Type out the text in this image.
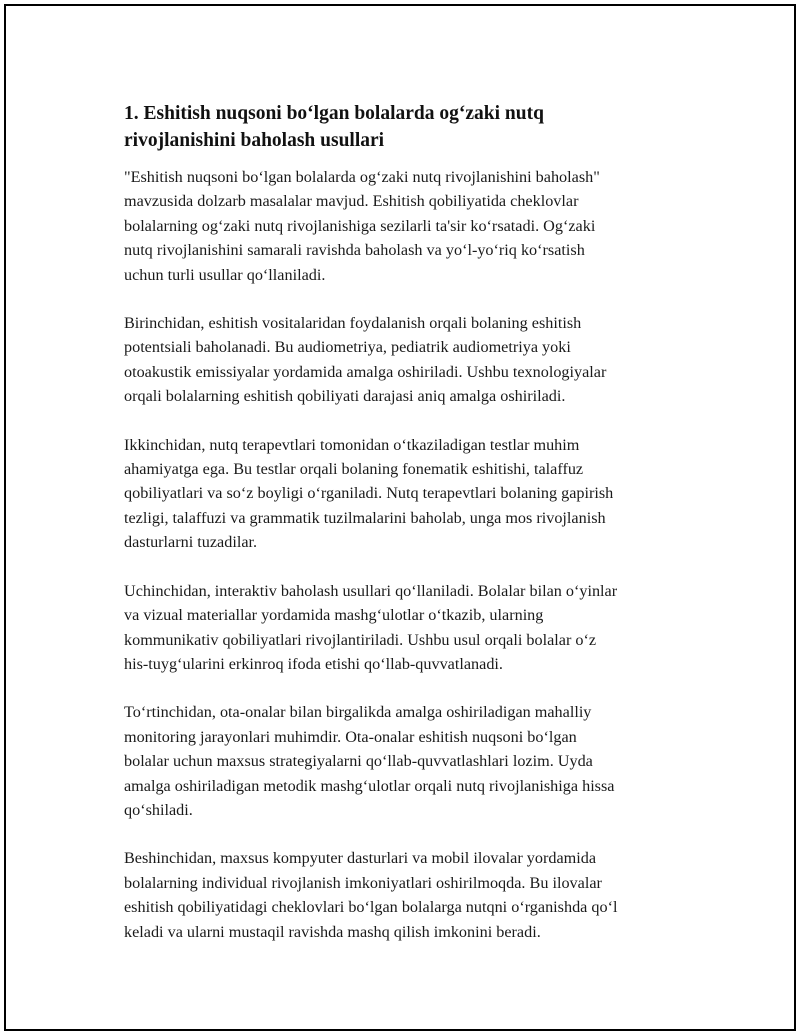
1. Eshitish nuqsoni bo‘lgan bolalarda og‘zaki nutq
rivojlanishini baholash usullari

"Eshitish nuqsoni bo‘lgan bolalarda og‘zaki nutq rivojlanishini baholash"
mavzusida dolzarb masalalar mavjud. Eshitish qobiliyatida cheklovlar
bolalarning og‘zaki nutq rivojlanishiga sezilarli ta'sir ko‘rsatadi. Og‘zaki
nutq rivojlanishini samarali ravishda baholash va yo‘l-yo‘riq ko‘rsatish
uchun turli usullar qo‘llaniladi.

Birinchidan, eshitish vositalaridan foydalanish orqali bolaning eshitish
potentsiali baholanadi. Bu audiometriya, pediatrik audiometriya yoki
otoakustik emissiyalar yordamida amalga oshiriladi. Ushbu texnologiyalar
orqali bolalarning eshitish qobiliyati darajasi aniq amalga oshiriladi.

Ikkinchidan, nutq terapevtlari tomonidan o‘tkaziladigan testlar muhim
ahamiyatga ega. Bu testlar orqali bolaning fonematik eshitishi, talaffuz
qobiliyatlari va so‘z boyligi o‘rganiladi. Nutq terapevtlari bolaning gapirish
tezligi, talaffuzi va grammatik tuzilmalarini baholab, unga mos rivojlanish
dasturlarni tuzadilar.

Uchinchidan, interaktiv baholash usullari qo‘llaniladi. Bolalar bilan o‘yinlar
va vizual materiallar yordamida mashg‘ulotlar o‘tkazib, ularning
kommunikativ qobiliyatlari rivojlantiriladi. Ushbu usul orqali bolalar o‘z
his-tuyg‘ularini erkinroq ifoda etishi qo‘llab-quvvatlanadi.

To‘rtinchidan, ota-onalar bilan birgalikda amalga oshiriladigan mahalliy
monitoring jarayonlari muhimdir. Ota-onalar eshitish nuqsoni bo‘lgan
bolalar uchun maxsus strategiyalarni qo‘llab-quvvatlashlari lozim. Uyda
amalga oshiriladigan metodik mashg‘ulotlar orqali nutq rivojlanishiga hissa
qo‘shiladi.

Beshinchidan, maxsus kompyuter dasturlari va mobil ilovalar yordamida
bolalarning individual rivojlanish imkoniyatlari oshirilmoqda. Bu ilovalar
eshitish qobiliyatidagi cheklovlari bo‘lgan bolalarga nutqni o‘rganishda qo‘l
keladi va ularni mustaqil ravishda mashq qilish imkonini beradi.
